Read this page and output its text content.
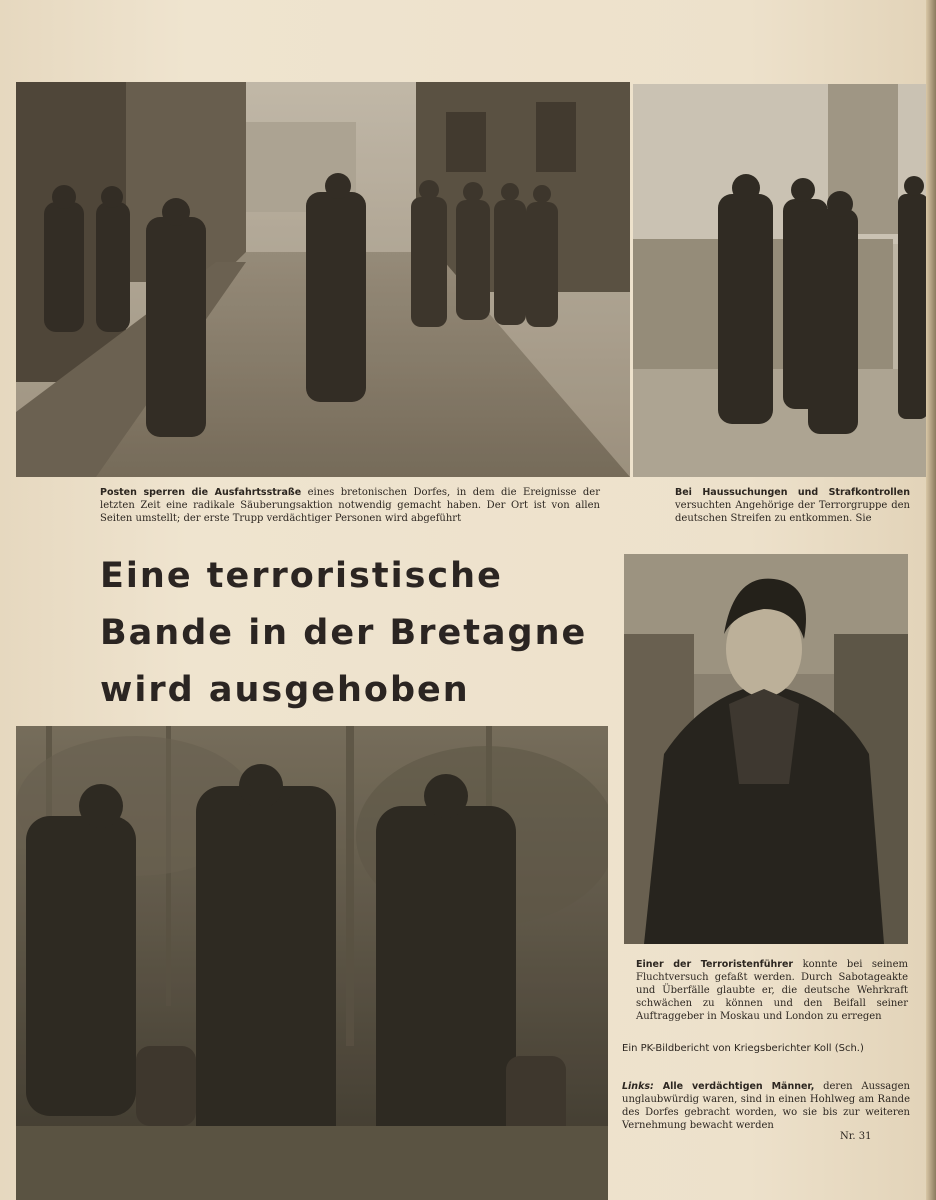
Posten sperren die Ausfahrtsstraße eines bretonischen Dorfes, in dem die Ereignisse der letzten Zeit eine radikale Säuberungsaktion notwendig gemacht haben. Der Ort ist von allen Seiten umstellt; der erste Trupp verdächtiger Personen wird abgeführt
Bei Haussuchungen und Strafkontrollen versuchten Angehörige der Terrorgruppe den deutschen Streifen zu entkommen. Sie
Eine terroristische
Bande in der Bretagne
wird ausgehoben
Einer der Terroristenführer konnte bei seinem Fluchtversuch gefaßt werden. Durch Sabotageakte und Überfälle glaubte er, die deutsche Wehrkraft schwächen zu können und den Beifall seiner Auftraggeber in Moskau und London zu erregen
Ein PK-Bildbericht von Kriegsberichter Koll (Sch.)
Links: Alle verdächtigen Männer, deren Aussagen unglaubwürdig waren, sind in einen Hohlweg am Rande des Dorfes gebracht worden, wo sie bis zur weiteren Vernehmung bewacht werden
Nr. 31
